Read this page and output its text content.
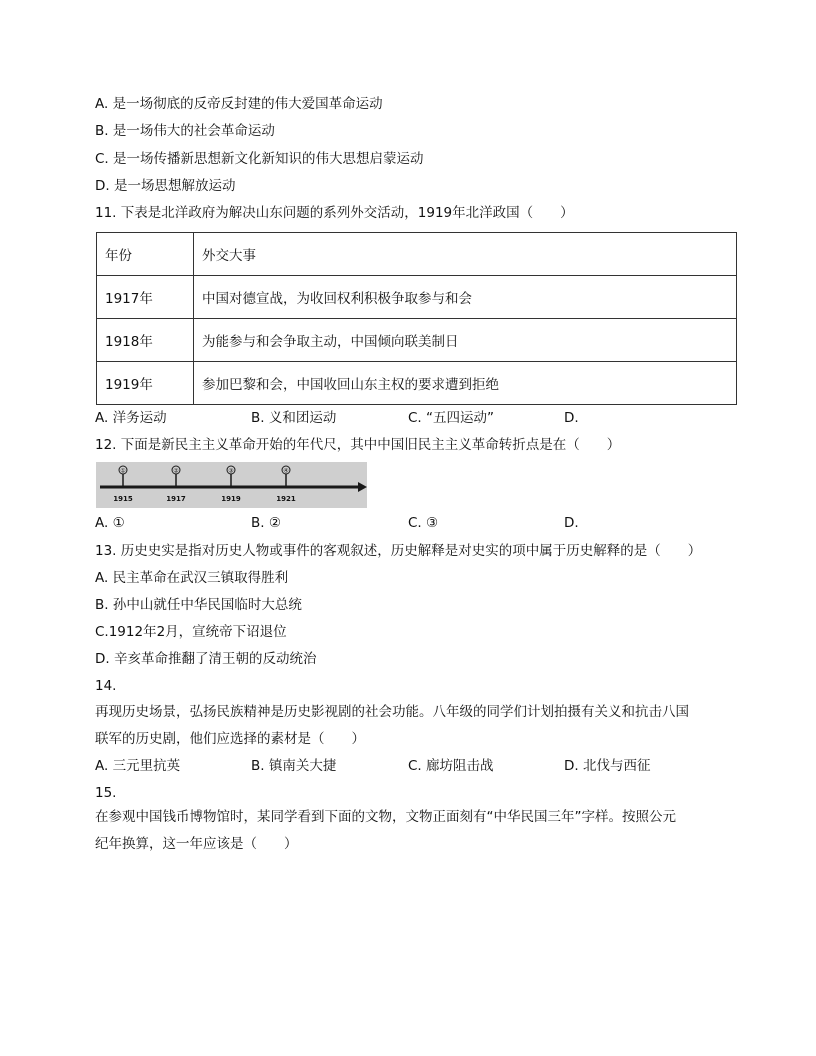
A. 是一场彻底的反帝反封建的伟大爱国革命运动
B. 是一场伟大的社会革命运动
C. 是一场传播新思想新文化新知识的伟大思想启蒙运动
D. 是一场思想解放运动
11. 下表是北洋政府为解决山东问题的系列外交活动，1919年北洋政国（　　）
年份	外交大事
1917年	中国对德宣战，为收回权利积极争取参与和会
1918年	为能参与和会争取主动，中国倾向联美制日
1919年	参加巴黎和会，中国收回山东主权的要求遭到拒绝
A. 洋务运动	B. 义和团运动	C. “五四运动”	D.
12. 下面是新民主主义革命开始的年代尺，其中中国旧民主主义革命转折点是在（　　）
①
1915
②
1917
③
1919
④
1921
A. ①	B. ②	C. ③	D.
13. 历史史实是指对历史人物或事件的客观叙述，历史解释是对史实的项中属于历史解释的是（　　）
A. 民主革命在武汉三镇取得胜利
B. 孙中山就任中华民国临时大总统
C.1912年2月，宣统帝下诏退位
D. 辛亥革命推翻了清王朝的反动统治
14.
再现历史场景，弘扬民族精神是历史影视剧的社会功能。八年级的同学们计划拍摄有关义和抗击八国
联军的历史剧，他们应选择的素材是（　　）
A. 三元里抗英	B. 镇南关大捷	C. 廊坊阻击战	D. 北伐与西征
15.
在参观中国钱币博物馆时，某同学看到下面的文物，文物正面刻有“中华民国三年”字样。按照公元
纪年换算，这一年应该是（　　）
